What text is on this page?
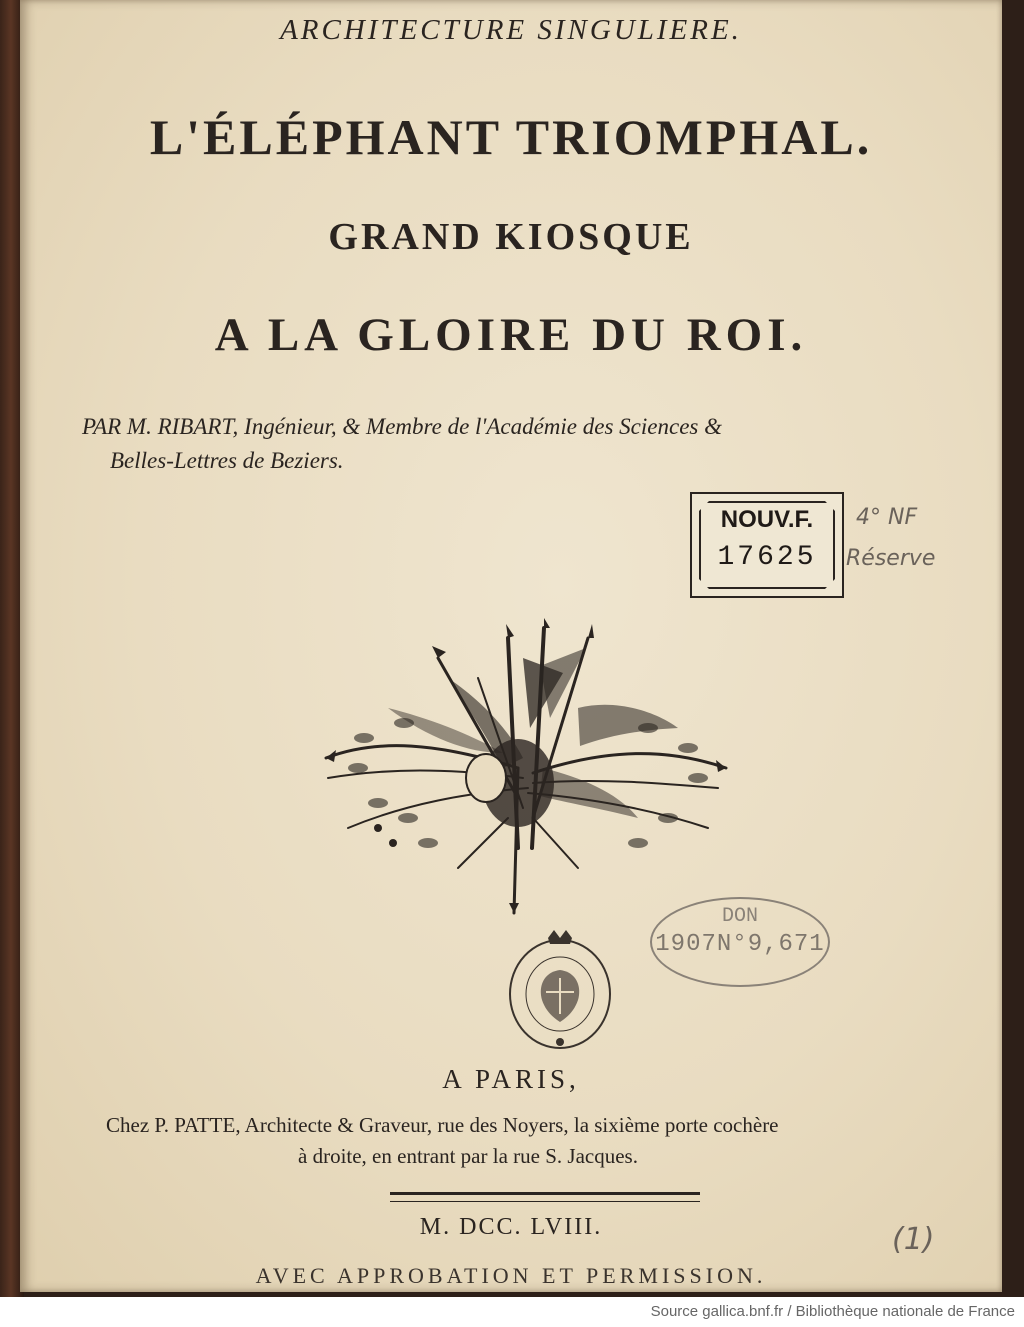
ARCHITECTURE SINGULIERE.
L'ÉLÉPHANT TRIOMPHAL.
GRAND KIOSQUE
A LA GLOIRE DU ROI.
PAR M. RIBART, Ingénieur, & Membre de l'Académie des Sciences &
Belles-Lettres de Beziers.
NOUV.F.
17625
4° NF
Réserve
DON
1907N°9,671
A PARIS,
Chez P. PATTE, Architecte & Graveur, rue des Noyers, la sixième porte cochère
à droite, en entrant par la rue S. Jacques.
M. DCC. LVIII.	(1)
AVEC APPROBATION ET PERMISSION.
Source gallica.bnf.fr / Bibliothèque nationale de France
